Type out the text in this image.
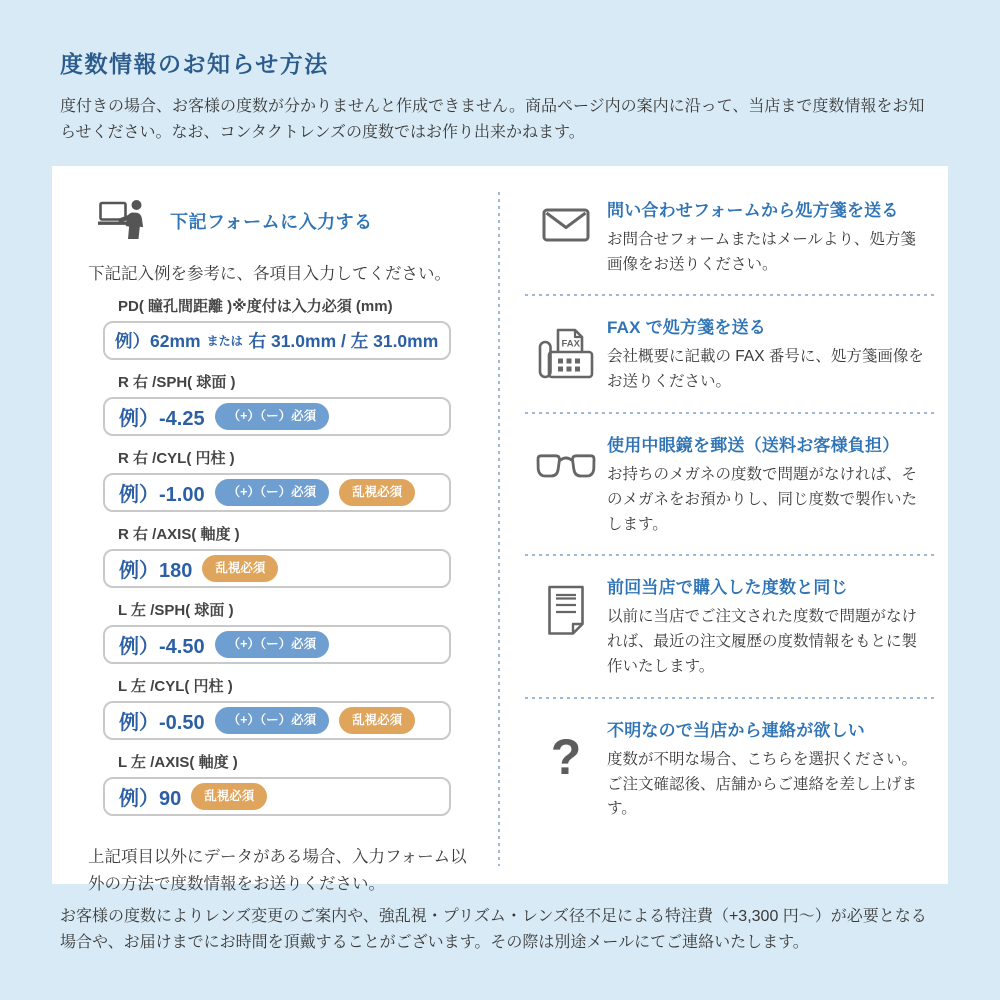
度数情報のお知らせ方法

度付きの場合、お客様の度数が分かりませんと作成できません。商品ページ内の案内に沿って、当店まで度数情報をお知らせください。なお、コンタクトレンズの度数ではお作り出来かねます。

下記フォームに入力する

下記記入例を参考に、各項目入力してください。

PD( 瞳孔間距離 )※度付は入力必須 (mm)
例）62mm または 右 31.0mm / 左 31.0mm
R 右 /SPH( 球面 )
例）-4.25	（+）（ー）必須
R 右 /CYL( 円柱 )
例）-1.00	（+）（ー）必須	乱視必須
R 右 /AXIS( 軸度 )
例）180	乱視必須
L 左 /SPH( 球面 )
例）-4.50	（+）（ー）必須
L 左 /CYL( 円柱 )
例）-0.50	（+）（ー）必須	乱視必須
L 左 /AXIS( 軸度 )
例）90	乱視必須

上記項目以外にデータがある場合、入力フォーム以外の方法で度数情報をお送りください。

問い合わせフォームから処方箋を送る
お問合せフォームまたはメールより、処方箋画像をお送りください。
FAX
FAX で処方箋を送る
会社概要に記載の FAX 番号に、処方箋画像をお送りください。
使用中眼鏡を郵送（送料お客様負担）
お持ちのメガネの度数で問題がなければ、そのメガネをお預かりし、同じ度数で製作いたします。
前回当店で購入した度数と同じ
以前に当店でご注文された度数で問題がなければ、最近の注文履歴の度数情報をもとに製作いたします。
? 不明なので当店から連絡が欲しい
度数が不明な場合、こちらを選択ください。ご注文確認後、店舗からご連絡を差し上げます。

お客様の度数によりレンズ変更のご案内や、強乱視・プリズム・レンズ径不足による特注費（+3,300 円～）が必要となる場合や、お届けまでにお時間を頂戴することがございます。その際は別途メールにてご連絡いたします。
